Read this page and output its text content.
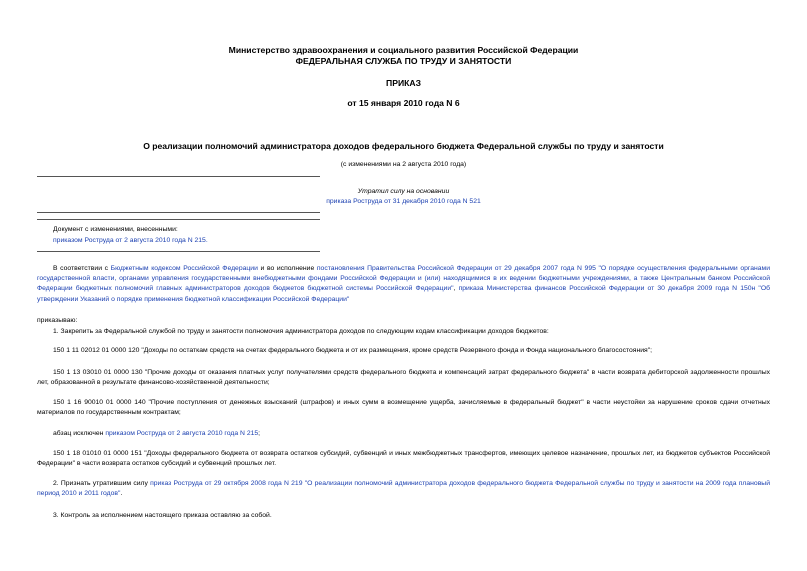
Министерство здравоохранения и социального развития Российской Федерации
ФЕДЕРАЛЬНАЯ СЛУЖБА ПО ТРУДУ И ЗАНЯТОСТИ
ПРИКАЗ
от 15 января 2010 года N 6
О реализации полномочий администратора доходов федерального бюджета Федеральной службы по труду и занятости
(с изменениями на 2 августа 2010 года)
Утратил силу на основании
приказа Роструда от 31 декабря 2010 года N 521
Документ с изменениями, внесенными:
приказом Роструда от 2 августа 2010 года N 215.
В соответствии с Бюджетным кодексом Российской Федерации и во исполнение постановления Правительства Российской Федерации от 29 декабря 2007 года N 995 "О порядке осуществления федеральными органами государственной власти, органами управления государственными внебюджетными фондами Российской Федерации и (или) находящимися в их ведении бюджетными учреждениями, а также Центральным банком Российской Федерации бюджетных полномочий главных администраторов доходов бюджетов бюджетной системы Российской Федерации", приказа Министерства финансов Российской Федерации от 30 декабря 2009 года N 150н "Об утверждении Указаний о порядке применения бюджетной классификации Российской Федерации"
приказываю:
1. Закрепить за Федеральной службой по труду и занятости полномочия администратора доходов по следующим кодам классификации доходов бюджетов:
150 1 11 02012 01 0000 120 "Доходы по остаткам средств на счетах федерального бюджета и от их размещения, кроме средств Резервного фонда и Фонда национального благосостояния";
150 1 13 03010 01 0000 130 "Прочие доходы от оказания платных услуг получателями средств федерального бюджета и компенсаций затрат федерального бюджета" в части возврата дебиторской задолженности прошлых лет, образованной в результате финансово-хозяйственной деятельности;
150 1 16 90010 01 0000 140 "Прочие поступления от денежных взысканий (штрафов) и иных сумм в возмещение ущерба, зачисляемые в федеральный бюджет" в части неустойки за нарушение сроков сдачи отчетных материалов по государственным контрактам;
абзац исключен приказом Роструда от 2 августа 2010 года N 215;
150 1 18 01010 01 0000 151 "Доходы федерального бюджета от возврата остатков субсидий, субвенций и иных межбюджетных трансфертов, имеющих целевое назначение, прошлых лет, из бюджетов субъектов Российской Федерации" в части возврата остатков субсидий и субвенций прошлых лет.
2. Признать утратившим силу приказ Роструда от 29 октября 2008 года N 219 "О реализации полномочий администратора доходов федерального бюджета Федеральной службы по труду и занятости на 2009 года плановый период 2010 и 2011 годов".
3. Контроль за исполнением настоящего приказа оставляю за собой.
